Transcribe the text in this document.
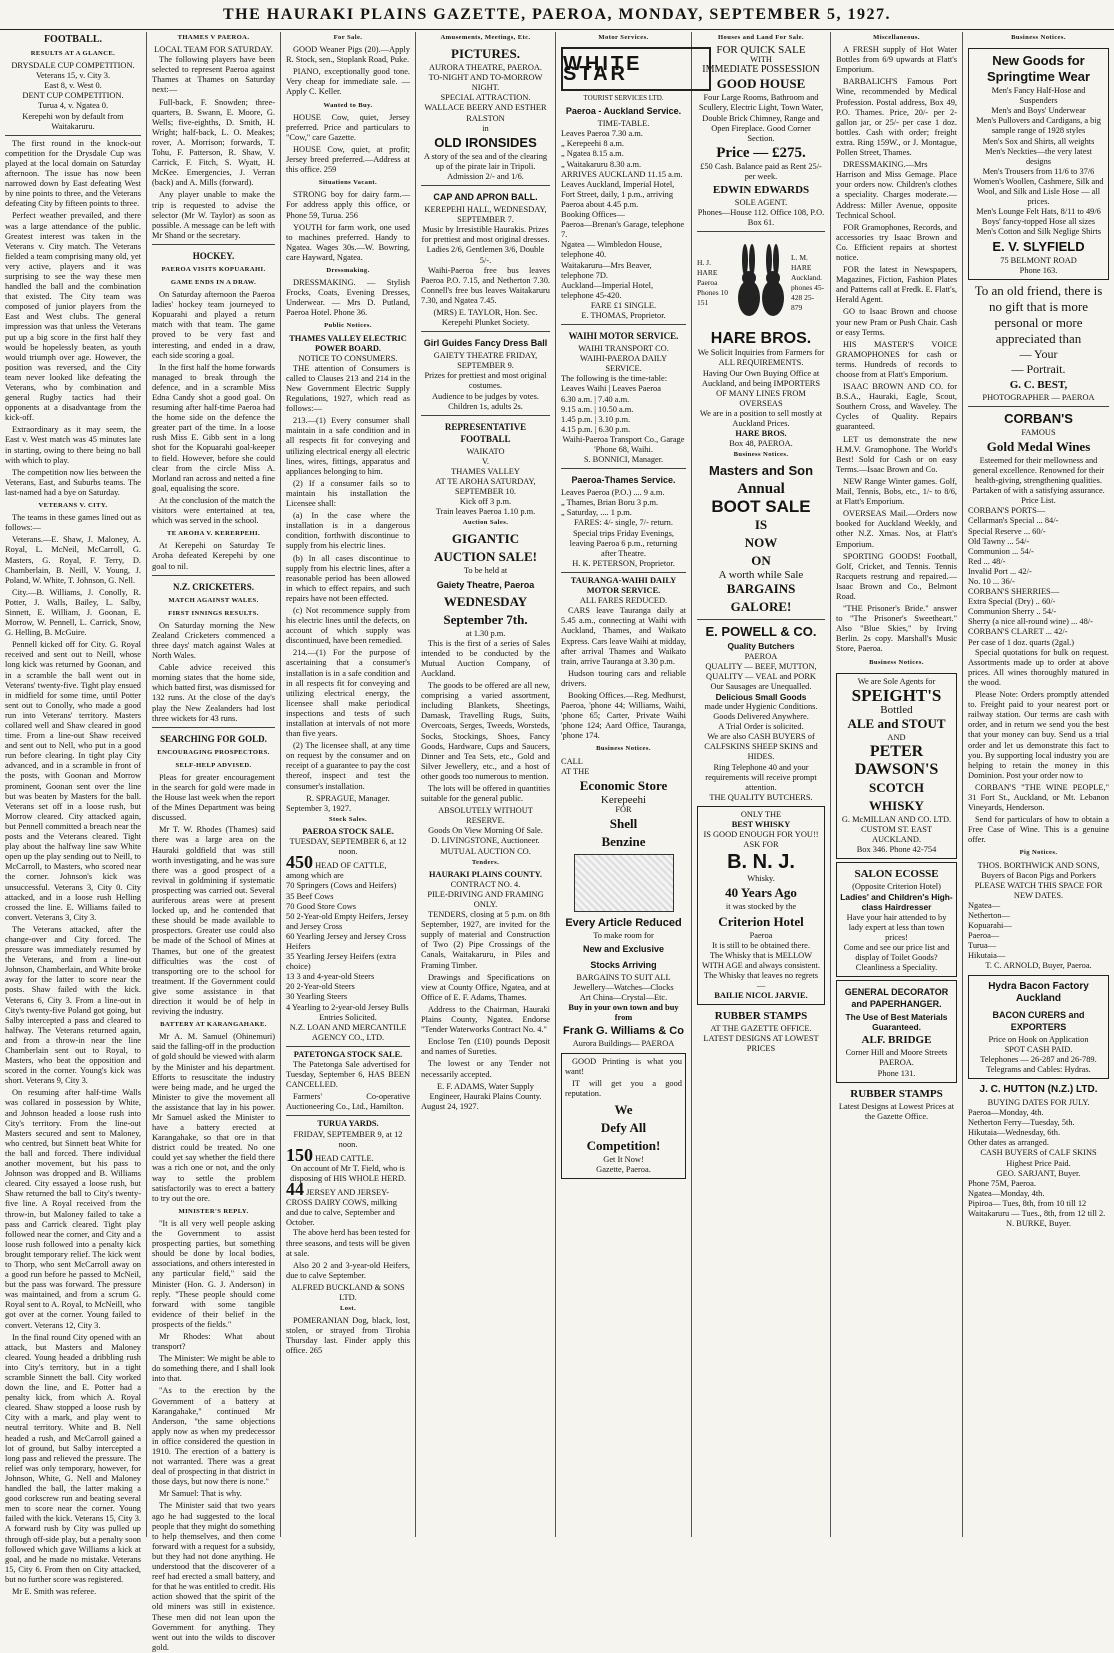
THE HAURAKI PLAINS GAZETTE, PAEROA, MONDAY, SEPTEMBER 5, 1927.
FOOTBALL.
RESULTS AT A GLANCE.
DRYSDALE CUP COMPETITION.
Veterans 15, v. City 3.
East 8, v. West 0.
DENT CUP COMPETITION.
Turua 4, v. Ngatea 0.
Kerepehi won by default from Waitakaruru.

The first round in the knock-out competition for the Drysdale Cup was played at the local domain on Saturday afternoon. The issue has now been narrowed down by East defeating West by nine points to three, and the Veterans defeating City by fifteen points to three.

Perfect weather prevailed, and there was a large attendance of the public. Greatest interest was taken in the Veterans v. City match. The Veterans fielded a team comprising many old, yet very active, players and it was surprising to see the way these men handled the ball and the combination that existed. The City team was composed of junior players from the East and West clubs. The general impression was that unless the Veterans put up a big score in the first half they would be hopelessly beaten, as youth would triumph over age. However, the position was reversed, and the City team never looked like defeating the Veterans, who by combination and general Rugby tactics had their opponents at a disadvantage from the kick-off.

Extraordinary as it may seem, the East v. West match was 45 minutes late in starting, owing to there being no ball with which to play.

The competition now lies between the Veterans, East, and Suburbs teams. The last-named had a bye on Saturday.

VETERANS V. CITY.

The teams in these games lined out as follows:—

Veterans.—E. Shaw, J. Maloney, A. Royal, L. McNeil, McCarroll, G. Masters, G. Royal, F. Terry, D. Chamberlain, B. Neill, V. Young, J. Poland, W. White, T. Johnson, G. Nell.

City.—B. Williams, J. Conolly, R. Potter, J. Walls, Bailey, L. Salby, Sinnett, E. William, J. Goonan, E. Morrow, W. Pennell, L. Carrick, Snow, G. Helling, B. McGuire.

Pennell kicked off for City. G. Royal received and sent out to Neill, whose long kick was returned by Goonan, and in a scramble the ball went out in Veterans' twenty-five. Tight play ensued in midfield for some time, until Potter sent out to Conolly, who made a good run into Veterans' territory. Masters collared well and Shaw cleared in good time. From a line-out Shaw received and sent out to Nell, who put in a good run before clearing. In tight play City advanced, and in a scramble in front of the posts, with Goonan and Morrow prominent, Goonan sent over the line but was beaten by Masters for the ball. Veterans set off in a loose rush, but Morrow cleared. City attacked again, but Pennell committed a breach near the posts and the Veterans cleared. Tight play about the halfway line saw White open up the play sending out to Neill, to McCarroll, to Masters, who scored near the corner. Johnson's kick was unsuccessful. Veterans 3, City 0. City attacked, and in a loose rush Helling crossed the line. E. Williams failed to convert. Veterans 3, City 3.

The Veterans attacked, after the change-over and City forced. The pressure was immediately resumed by the Veterans, and from a line-out Johnson, Chamberlain, and White broke away for the latter to score near the posts. Shaw failed with the kick. Veterans 6, City 3. From a line-out in City's twenty-five Poland got going, but Salby intercepted a pass and cleared to halfway. The Veterans returned again, and from a throw-in near the line Chamberlain sent out to Royal, to Masters, who beat the opposition and scored in the corner. Young's kick was short. Veterans 9, City 3.

On resuming after half-time Walls was collared in possession by White, and Johnson headed a loose rush into City's territory. From the line-out Masters secured and sent to Maloney, who centred, but Sinnett beat White for the ball and forced. There individual another movement, but his pass to Johnson was dropped and B. Williams cleared. City essayed a loose rush, but Shaw returned the ball to City's twenty-five line. A Royal received from the throw-in, but Maloney failed to take a pass and Carrick cleared. Tight play followed near the corner, and City and a loose rush followed into a penalty kick brought temporary relief. The kick went to Thorp, who sent McCarroll away on a good run before he passed to McNeil, but the pass was forward. The pressure was maintained, and from a scrum G. Royal sent to A. Royal, to McNeill, who got over at the corner. Young failed to convert. Veterans 12, City 3.

In the final round City opened with an attack, but Masters and Maloney cleared. Young headed a dribbling rush into City's territory, but in a tight scramble Sinnett the ball. City worked down the line, and E. Potter had a penalty kick, from which A. Royal cleared. Shaw stopped a loose rush by City with a mark, and play went to neutral territory. White and B. Nell headed a rush, and McCarroll gained a lot of ground, but Salby intercepted a long pass and relieved the pressure. The relief was only temporary, however, for Johnson, White, G. Nell and Maloney handled the ball, the latter making a good corkscrew run and beating several men to score near the corner. Young failed with the kick. Veterans 15, City 3. A forward rush by City was pulled up through off-side play, but a penalty soon followed which gave Williams a kick at goal, and he made no mistake. Veterans 15, City 6. From then on City attacked, but no further score was registered.

Mr E. Smith was referee.

THAMES V PAEROA.
LOCAL TEAM FOR SATURDAY.

The following players have been selected to represent Paeroa against Thames at Thames on Saturday next:—

Full-back, F. Snowden; three-quarters, B. Swann, E. Moore, G. Wells; five-eighths, D. Smith, H. Wright; half-back, L. O. Meakes; rover, A. Morrison; forwards, T. Tohu, F. Patterson, R. Shaw, V. Carrick, F. Fitch, S. Wyatt, H. McKee. Emergencies, J. Verran (back) and A. Mills (forward).

Any player unable to make the trip is requested to advise the selector (Mr W. Taylor) as soon as possible. A message can be left with Mr Shand or the secretary.

HOCKEY.
PAEROA VISITS KOPUARAHI.
GAME ENDS IN A DRAW.

On Saturday afternoon the Paeroa ladies' hockey team journeyed to Kopuarahi and played a return match with that team. The game proved to be very fast and interesting, and ended in a draw, each side scoring a goal.

In the first half the home forwards managed to break through the defence, and in a scramble Miss Edna Candy shot a good goal. On resuming after half-time Paeroa had the home side on the defence the greater part of the time. In a loose rush Miss E. Gibb sent in a long shot for the Kopuarahi goal-keeper to field. However, before she could clear from the circle Miss A. Morland ran across and netted a fine goal, equalising the score.

At the conclusion of the match the visitors were entertained at tea, which was served in the school.

TE AROHA V. KERERPEHI.

At Kerepehi on Saturday Te Aroha defeated Kerepehi by one goal to nil.

N.Z. CRICKETERS.
MATCH AGAINST WALES.
FIRST INNINGS RESULTS.

On Saturday morning the New Zealand Cricketers commenced a three days' match against Wales at North Wales.

Cable advice received this morning states that the home side, which batted first, was dismissed for 132 runs. At the close of the day's play the New Zealanders had lost three wickets for 43 runs.

SEARCHING FOR GOLD.
ENCOURAGING PROSPECTORS.
SELF-HELP ADVISED.

Pleas for greater encouragement in the search for gold were made in the House last week when the report of the Mines Department was being discussed.

Mr T. W. Rhodes (Thames) said there was a large area on the Hauraki goldfield that was still worth investigating, and he was sure there was a good prospect of a revival in goldmining if systematic prospecting was carried out. Several auriferous areas were at present locked up, and he contended that these should be made available to prospectors. Greater use could also be made of the School of Mines at Thames, but one of the greatest difficulties was the cost of transporting ore to the school for treatment. If the Government could give some assistance in that direction it would be of help in reviving the industry.

BATTERY AT KARANGAHAKE.

Mr A. M. Samuel (Ohinemuri) said the falling-off in the production of gold should be viewed with alarm by the Minister and his department. Efforts to resuscitate the industry were being made, and he urged the Minister to give the movement all the assistance that lay in his power. Mr Samuel asked the Minister to have a battery erected at Karangahake, so that ore in that district could be treated. No one could yet say whether the field there was a rich one or not, and the only way to settle the problem satisfactorily was to erect a battery to try out the ore.

MINISTER'S REPLY.

"It is all very well people asking the Government to assist prospecting parties, but something should be done by local bodies, associations, and others interested in any particular field," said the Minister (Hon. G. J. Anderson) in reply. "These people should come forward with some tangible evidence of their belief in the prospects of the fields."

Mr Rhodes: What about transport?

The Minister: We might be able to do something there, and I shall look into that.

"As to the erection by the Government of a battery at Karangahake," continued Mr Anderson, "the same objections apply now as when my predecessor in office considered the question in 1910. The erection of a battery is not warranted. There was a great deal of prospecting in that district in those days, but now there is none."

Mr Samuel: That is why.

The Minister said that two years ago he had suggested to the local people that they might do something to help themselves, and then come forward with a request for a subsidy, but they had not done anything. He understood that the discoverer of a reef had erected a small battery, and for that he was entitled to credit. His action showed that the spirit of the old miners was still in existence. These men did not lean upon the Government for anything. They went out into the wilds to discover gold.

For Sale.

GOOD Weaner Pigs (20).—Apply R. Stock, sen., Stoplank Road, Puke.

PIANO, exceptionally good tone. Very cheap for immediate sale. — Apply C. Keller.

Wanted to Buy.

HOUSE Cow, quiet, Jersey preferred. Price and particulars to "Cow," care Gazette.

HOUSE Cow, quiet, at profit; Jersey breed preferred.—Address at this office. 259

Situations Vacant.

STRONG boy for dairy farm.—For address apply this office, or Phone 59, Turua. 256

YOUTH for farm work, one used to machines preferred. Handy to Ngatea. Wages 30s.—W. Bowring, care Hayward, Ngatea.

Dressmaking.

DRESSMAKING. — Stylish Frocks, Coats, Evening Dresses, Underwear. — Mrs D. Putland, Paeroa Hotel. Phone 36.

Public Notices.
THAMES VALLEY ELECTRIC POWER BOARD.
NOTICE TO CONSUMERS.

THE attention of Consumers is called to Clauses 213 and 214 in the New Government Electric Supply Regulations, 1927, which read as follows:—

213.—(1) Every consumer shall maintain in a safe condition and in all respects fit for conveying and utilizing electrical energy all electric lines, wires, fittings, apparatus and appliances belonging to him.

(2) If a consumer fails so to maintain his installation the Licensee shall:

(a) In the case where the installation is in a dangerous condition, forthwith discontinue to supply from his electric lines.

(b) In all cases discontinue to supply from his electric lines, after a reasonable period has been allowed in which to effect repairs, and such repairs have not been effected.

(c) Not recommence supply from his electric lines until the defects, on account of which supply was discontinued, have been remedied.

214.—(1) For the purpose of ascertaining that a consumer's installation is in a safe condition and in all respects fit for conveying and utilizing electrical energy, the licensee shall make periodical inspections and tests of such installation at intervals of not more than five years.

(2) The licensee shall, at any time on request by the consumer and on receipt of a guarantee to pay the cost thereof, inspect and test the consumer's installation.

R. SPRAGUE, Manager.
September 3, 1927.
Stock Sales.
PAEROA STOCK SALE.
TUESDAY, SEPTEMBER 6, at 12 noon.
450 HEAD OF CATTLE, among which are
70 Springers (Cows and Heifers)
35 Beef Cows
70 Good Store Cows
50 2-Year-old Empty Heifers, Jersey and Jersey Cross
60 Yearling Jersey and Jersey Cross Heifers
35 Yearling Jersey Heifers (extra choice)
13 3 and 4-year-old Steers
20 2-Year-old Steers
30 Yearling Steers
4 Yearling to 2-year-old Jersey Bulls
Entries Solicited.
N.Z. LOAN AND MERCANTILE AGENCY CO., LTD.
PATETONGA STOCK SALE.

The Patetonga Sale advertised for Tuesday, September 6, HAS BEEN CANCELLED.

Farmers' Co-operative Auctioneering Co., Ltd., Hamilton.

TURUA YARDS.
FRIDAY, SEPTEMBER 9, at 12 noon.
150 HEAD CATTLE.
On account of Mr T. Field, who is disposing of HIS WHOLE HERD.
44 JERSEY AND JERSEY-CROSS DAIRY COWS, milking and due to calve, September and October.

The above herd has been tested for three seasons, and tests will be given at sale.

Also 20 2 and 3-year-old Heifers, due to calve September.

ALFRED BUCKLAND & SONS LTD.
Lost.

POMERANIAN Dog, black, lost, stolen, or strayed from Tirohia Thursday last. Finder apply this office. 265

Amusements, Meetings, Etc.
PICTURES.
AURORA THEATRE, PAEROA.
TO-NIGHT AND TO-MORROW NIGHT.
SPECIAL ATTRACTION.
WALLACE BEERY AND ESTHER RALSTON
in
OLD IRONSIDES
A story of the sea and of the clearing up of the pirate lair in Tripoli.
Admission 2/- and 1/6.
CAP AND APRON BALL.
KEREPEHI HALL, WEDNESDAY, SEPTEMBER 7.
Music by Irresistible Haurakis. Prizes for prettiest and most original dresses.
Ladies 2/6, Gentlemen 3/6, Double 5/-.

Waihi-Paeroa free bus leaves Paeroa P.O. 7.15, and Netherton 7.30. Connell's free bus leaves Waitakaruru 7.30, and Ngatea 7.45.

(MRS) E. TAYLOR, Hon. Sec. Kerepehi Plunket Society.
Girl Guides Fancy Dress Ball
GAIETY THEATRE FRIDAY, SEPTEMBER 9.
Prizes for prettiest and most original costumes.
Audience to be judges by votes.
Children 1s, adults 2s.
REPRESENTATIVE FOOTBALL
WAIKATO
V.
THAMES VALLEY
AT TE AROHA SATURDAY, SEPTEMBER 10.
Kick off 3 p.m.
Train leaves Paeroa 1.10 p.m.
Auction Sales.
GIGANTIC
AUCTION SALE!
To be held at
Gaiety Theatre, Paeroa
WEDNESDAY
September 7th.
at 1.30 p.m.

This is the first of a series of Sales intended to be conducted by the Mutual Auction Company, of Auckland.

The goods to be offered are all new, comprising a varied assortment, including Blankets, Sheetings, Damask, Travelling Rugs, Suits, Overcoats, Serges, Tweeds, Worsteds, Socks, Stockings, Shoes, Fancy Goods, Hardware, Cups and Saucers, Dinner and Tea Sets, etc., Gold and Silver Jewellery, etc., and a host of other goods too numerous to mention.

The lots will be offered in quantities suitable for the general public.

ABSOLUTELY WITHOUT RESERVE.
Goods On View Morning Of Sale.
D. LIVINGSTONE, Auctioneer.
MUTUAL AUCTION CO.
Tenders.
HAURAKI PLAINS COUNTY.
CONTRACT NO. 4.
PILE-DRIVING AND FRAMING ONLY.

TENDERS, closing at 5 p.m. on 8th September, 1927, are invited for the supply of material and Construction of Two (2) Pipe Crossings of the Canals, Waitakaruru, in Piles and Framing Timber.

Drawings and Specifications on view at County Office, Ngatea, and at Office of E. F. Adams, Thames.

Address to the Chairman, Hauraki Plains County, Ngatea. Endorse "Tender Waterworks Contract No. 4."

Enclose Ten (£10) pounds Deposit and names of Sureties.

The lowest or any Tender not necessarily accepted.

E. F. ADAMS, Water Supply Engineer, Hauraki Plains County.
August 24, 1927.
Motor Services.
WHITE STAR
TOURIST SERVICES LTD.
Paeroa - Auckland Service.
TIME-TABLE.
Leaves Paeroa 7.30 a.m.
„ Kerepeehi 8 a.m.
„ Ngatea 8.15 a.m.
„ Waitakaruru 8.30 a.m.
ARRIVES AUCKLAND 11.15 a.m.
Leaves Auckland, Imperial Hotel, Fort Street, daily, 1 p.m., arriving Paeroa about 4.45 p.m.
Booking Offices—
Paeroa—Brenan's Garage, telephone 7.
Ngatea — Wimbledon House, telephone 40.
Waitakaruru—Mrs Beaver, telephone 7D.
Auckland—Imperial Hotel, telephone 45-420.
FARE £1 SINGLE.
E. THOMAS, Proprietor.
WAIHI MOTOR SERVICE.
WAIHI TRANSPORT CO.
WAIHI-PAEROA DAILY SERVICE.
The following is the time-table:
Leaves Waihi | Leaves Paeroa
6.30 a.m. | 7.40 a.m.
9.15 a.m. | 10.50 a.m.
1.45 p.m. | 3.10 p.m.
4.15 p.m. | 6.30 p.m.
Waihi-Paeroa Transport Co., Garage 'Phone 68, Waihi.
S. BONNICI, Manager.
Paeroa-Thames Service.
Leaves Paeroa (P.O.) .... 9 a.m.
„ Thames, Brian Boru 3 p.m.
„ Saturday, .... 1 p.m.
FARES: 4/- single, 7/- return.
Special trips Friday Evenings, leaving Paeroa 6 p.m., returning after Theatre.
H. K. PETERSON, Proprietor.
TAURANGA-WAIHI DAILY MOTOR SERVICE.
ALL FARES REDUCED.

CARS leave Tauranga daily at 5.45 a.m., connecting at Waihi with Auckland, Thames, and Waikato Express. Cars leave Waihi at midday, after arrival Thames and Waikato train, arrive Tauranga at 3.30 p.m.

Hudson touring cars and reliable drivers.

Booking Offices.—Reg. Medhurst, Paeroa, 'phone 44; Williams, Waihi, 'phone 65; Carter, Private Waihi 'phone 124; Aard Office, Tauranga, 'phone 174.

Business Notices.
CALL
AT THE
Economic Store
Kerepeehi
FOR
Shell
Benzine
Every Article Reduced
To make room for
New and Exclusive
Stocks Arriving
BARGAINS TO SUIT ALL
Jewellery—Watches—Clocks
Art China—Crystal—Etc.
Buy in your own town and buy from
Frank G. Williams & Co
Aurora Buildings— PAEROA

GOOD Printing is what you want!

IT will get you a good reputation.

We
Defy All
Competition!
Get It Now!
Gazette, Paeroa.
Houses and Land For Sale.
FOR QUICK SALE
WITH
IMMEDIATE POSSESSION
GOOD HOUSE
Four Large Rooms, Bathroom and Scullery, Electric Light, Town Water, Double Brick Chimney, Range and Open Fireplace. Good Corner Section.
Price — £275.
£50 Cash. Balance paid as Rent 25/- per week.
EDWIN EDWARDS
SOLE AGENT.
Phones—House 112. Office 108, P.O. Box 61.
H. J. HARE Paeroa Phones 10 151
L. M. HARE Auckland. phones 45-428 25-879
HARE BROS.
We Solicit Inquiries from Farmers for
ALL REQUIREMENTS.
Having Our Own Buying Office at Auckland, and being IMPORTERS OF MANY LINES FROM OVERSEAS
We are in a position to sell mostly at Auckland Prices.
HARE BROS.
Box 48, PAEROA.
Business Notices.
Masters and Son
Annual
BOOT SALE
IS
NOW
ON
A worth while Sale
BARGAINS
GALORE!
E. POWELL & CO.
Quality Butchers
PAEROA
QUALITY — BEEF, MUTTON, QUALITY — VEAL and PORK
Our Sausages are Unequalled.
Delicious Small Goods
made under Hygienic Conditions.
Goods Delivered Anywhere.
A Trial Order is solicited.
We are also CASH BUYERS of CALFSKINS SHEEP SKINS and HIDES.
Ring Telephone 40 and your requirements will receive prompt attention.
THE QUALITY BUTCHERS.
ONLY THE
BEST WHISKY
IS GOOD ENOUGH FOR YOU!!
ASK FOR
B. N. J.
Whisky.
40 Years Ago
it was stocked by the
Criterion Hotel
Paeroa
It is still to be obtained there.
The Whisky that is MELLOW WITH AGE and always consistent.
The Whisky that leaves no regrets—
BAILIE NICOL JARVIE.
RUBBER STAMPS
AT THE GAZETTE OFFICE.
LATEST DESIGNS AT LOWEST PRICES
Miscellaneous.

A FRESH supply of Hot Water Bottles from 6/9 upwards at Flatt's Emporium.

BARBALICH'S Famous Port Wine, recommended by Medical Profession. Postal address, Box 49, P.O. Thames. Price, 20/- per 2-gallon jar, or 25/- per case 1 doz. bottles. Cash with order; freight extra. Ring 159W., or J. Montague, Pollen Street, Thames.

DRESSMAKING.—Mrs Harrison and Miss Gemage. Place your orders now. Children's clothes a speciality. Charges moderate.—Address: Miller Avenue, opposite Technical School.

FOR Gramophones, Records, and accessories try Isaac Brown and Co. Efficient repairs at shortest notice.

FOR the latest in Newspapers, Magazines, Fiction, Fashion Plates and Patterns call at Fredk. E. Flatt's, Herald Agent.

GO to Isaac Brown and choose your new Pram or Push Chair. Cash or easy Terms.

HIS MASTER'S VOICE GRAMOPHONES for cash or terms. Hundreds of records to choose from at Flatt's Emporium.

ISAAC BROWN AND CO. for B.S.A., Hauraki, Eagle, Scout, Southern Cross, and Waveley. The Cycles of Quality. Repairs guaranteed.

LET us demonstrate the new H.M.V. Gramophone. The World's Best! Sold for Cash or on easy Terms.—Isaac Brown and Co.

NEW Range Winter games. Golf, Mail, Tennis, Bobs, etc., 1/- to 8/6, at Flatt's Emporium.

OVERSEAS Mail.—Orders now booked for Auckland Weekly, and other N.Z. Xmas. Nos, at Flatt's Emporium.

SPORTING GOODS! Football, Golf, Cricket, and Tennis. Tennis Racquets restrung and repaired.—Isaac Brown and Co., Belmont Road.

"THE Prisoner's Bride." answer to "The Prisoner's Sweetheart." Also "Blue Skies," by Irving Berlin. 2s copy. Marshall's Music Store, Paeroa.

Business Notices.
We are Sole Agents for
SPEIGHT'S
Bottled
ALE and STOUT
AND
PETER
DAWSON'S
SCOTCH
WHISKY
G. McMILLAN AND CO. LTD.
CUSTOM ST. EAST AUCKLAND.
Box 346. Phone 42-754
SALON ECOSSE
(Opposite Criterion Hotel)
Ladies' and Children's High-class Hairdresser
Have your hair attended to by lady expert at less than town prices!
Come and see our price list and display of Toilet Goods?
Cleanliness a Speciality.
GENERAL DECORATOR and PAPERHANGER.
The Use of Best Materials Guaranteed.
ALF. BRIDGE
Corner Hill and Moore Streets PAEROA.
Phone 131.
RUBBER STAMPS
Latest Designs at Lowest Prices at the Gazette Office.
Business Notices.
New Goods for Springtime Wear
Men's Fancy Half-Hose and Suspenders
Men's and Boys' Underwear
Men's Pullovers and Cardigans, a big sample range of 1928 styles
Men's Sox and Shirts, all weights
Men's Neckties—the very latest designs
Men's Trousers from 11/6 to 37/6
Women's Woollen, Cashmere, Silk and Wool, and Silk and Lisle Hose — all prices.
Men's Lounge Felt Hats, 8/11 to 49/6
Boys' fancy-topped Hose all sizes
Men's Cotton and Silk Neglige Shirts
E. V. SLYFIELD
75 BELMONT ROAD
Phone 163.
To an old friend, there is no gift that is more personal or more appreciated than
— Your
— Portrait.
G. C. BEST,
PHOTOGRAPHER — PAEROA
CORBAN'S
FAMOUS
Gold Medal Wines
Esteemed for their mellowness and general excellence. Renowned for their health-giving, strengthening qualities. Partaken of with a satisfying assurance.
Price List.
CORBAN'S PORTS—
Cellarman's Special ... 84/-
Special Reserve ... 60/-
Old Tawny ... 54/-
Communion ... 54/-
Red ... 48/-
Invalid Port ... 42/-
No. 10 ... 36/-
CORBAN'S SHERRIES—
Extra Special (Dry) .. 60/-
Communion Sherry .. 54/-
Sherry (a nice all-round wine) ... 48/-
CORBAN'S CLARET ... 42/-
Per case of 1 doz. quarts (2gal.)

Special quotations for bulk on request. Assortments made up to order at above prices. All wines thoroughly matured in the wood.

Please Note: Orders promptly attended to. Freight paid to your nearest port or railway station. Our terms are cash with order, and in return we send you the best that your money can buy. Send us a trial order and let us demonstrate this fact to you. By supporting local industry you are helping to retain the money in this Dominion. Post your order now to

CORBAN'S "THE WINE PEOPLE," 31 Fort St., Auckland, or Mt. Lebanon Vineyards, Henderson.

Send for particulars of how to obtain a Free Case of Wine. This is a genuine offer.

Pig Notices.
THOS. BORTHWICK AND SONS, Buyers of Bacon Pigs and Porkers
PLEASE WATCH THIS SPACE FOR NEW DATES.
Ngatea—
Netherton—
Kopuarahi—
Paeroa—
Turua—
Hikutaia—
T. C. ARNOLD, Buyer, Paeroa.
Hydra Bacon Factory Auckland
BACON CURERS and EXPORTERS
Price on Hook on Application
SPOT CASH PAID.
Telephones — 26-287 and 26-789. Telegrams and Cables: Hydras.
J. C. HUTTON (N.Z.) LTD.
BUYING DATES FOR JULY.
Paeroa—Monday, 4th.
Netherton Ferry—Tuesday, 5th.
Hikutaia—Wednesday, 6th.
Other dates as arranged.
CASH BUYERS of CALF SKINS Highest Price Paid.
GEO. SARJANT, Buyer.
Phone 75M, Paeroa.
Ngatea—Monday, 4th.
Pipiroa— Tues, 8th, from 10 till 12
Waitakaruru — Tues., 8th, from 12 till 2.
N. BURKE, Buyer.
